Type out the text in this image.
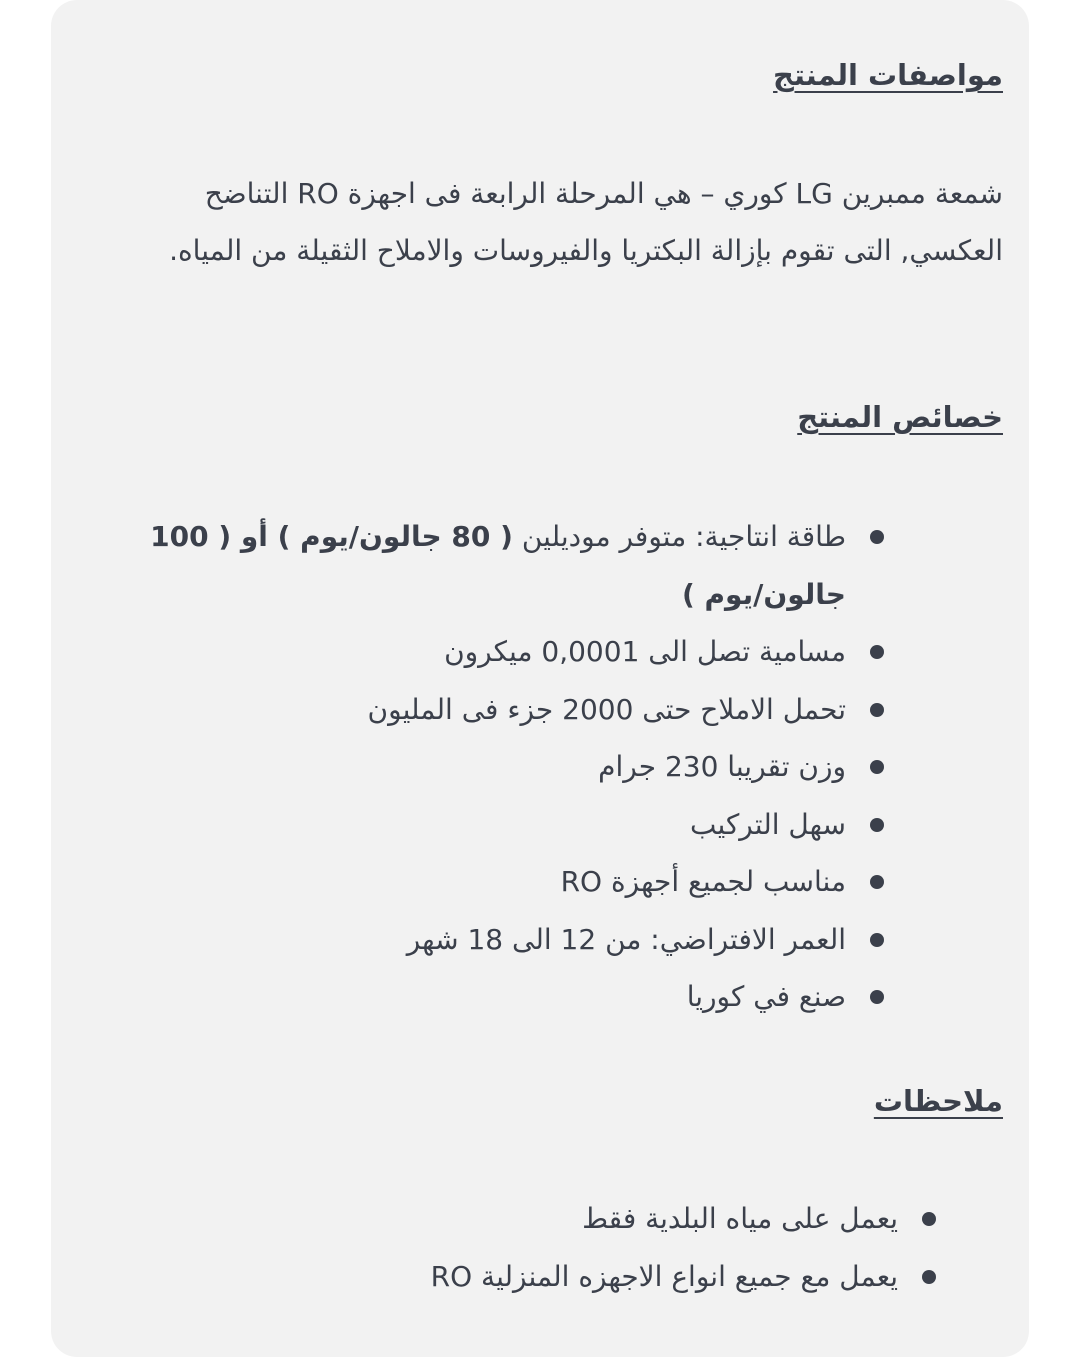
مواصفات المنتج

شمعة ممبرين LG كوري – هي المرحلة الرابعة فى اجهزة RO التناضح العكسي, التى تقوم بإزالة البكتريا والفيروسات والاملاح الثقيلة من المياه.

خصائص المنتج
طاقة انتاجية: متوفر موديلين ( 80 جالون/يوم ) أو ( 100 جالون/يوم )
مسامية تصل الى 0,0001 ميكرون
تحمل الاملاح حتى 2000 جزء فى المليون
وزن تقريبا 230 جرام
سهل التركيب
مناسب لجميع أجهزة RO
العمر الافتراضي: من 12 الى 18 شهر
صنع في كوريا
ملاحظات
يعمل على مياه البلدية فقط
يعمل مع جميع انواع الاجهزه المنزلية RO
